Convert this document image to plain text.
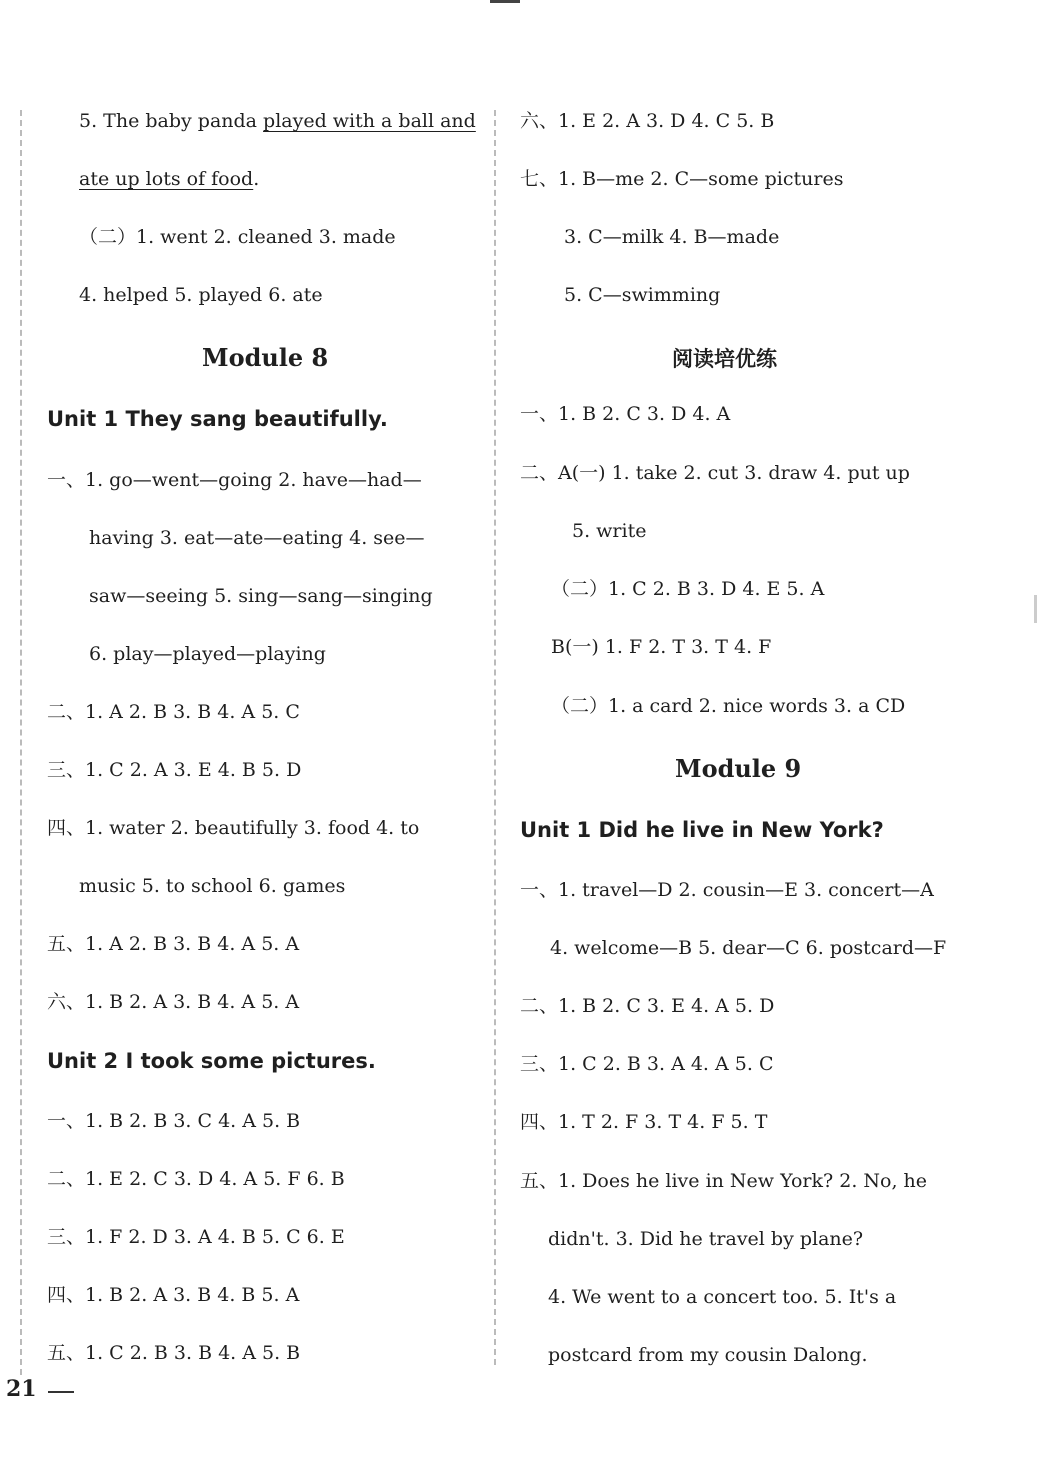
5. The baby panda played with a ball and
ate up lots of food.
（二）1. went 2. cleaned 3. made
4. helped 5. played 6. ate
Module 8
Unit 1 They sang beautifully.
一、1. go—went—going 2. have—had—
having 3. eat—ate—eating 4. see—
saw—seeing 5. sing—sang—singing
6. play—played—playing
二、1. A 2. B 3. B 4. A 5. C
三、1. C 2. A 3. E 4. B 5. D
四、1. water 2. beautifully 3. food 4. to
music 5. to school 6. games
五、1. A 2. B 3. B 4. A 5. A
六、1. B 2. A 3. B 4. A 5. A
Unit 2 I took some pictures.
一、1. B 2. B 3. C 4. A 5. B
二、1. E 2. C 3. D 4. A 5. F 6. B
三、1. F 2. D 3. A 4. B 5. C 6. E
四、1. B 2. A 3. B 4. B 5. A
五、1. C 2. B 3. B 4. A 5. B
六、1. E 2. A 3. D 4. C 5. B
七、1. B—me 2. C—some pictures
3. C—milk 4. B—made
5. C—swimming
阅读培优练
一、1. B 2. C 3. D 4. A
二、A(一) 1. take 2. cut 3. draw 4. put up
5. write
（二）1. C 2. B 3. D 4. E 5. A
B(一) 1. F 2. T 3. T 4. F
（二）1. a card 2. nice words 3. a CD
Module 9
Unit 1 Did he live in New York?
一、1. travel—D 2. cousin—E 3. concert—A
4. welcome—B 5. dear—C 6. postcard—F
二、1. B 2. C 3. E 4. A 5. D
三、1. C 2. B 3. A 4. A 5. C
四、1. T 2. F 3. T 4. F 5. T
五、1. Does he live in New York? 2. No, he
didn't. 3. Did he travel by plane?
4. We went to a concert too. 5. It's a
postcard from my cousin Dalong.
21
